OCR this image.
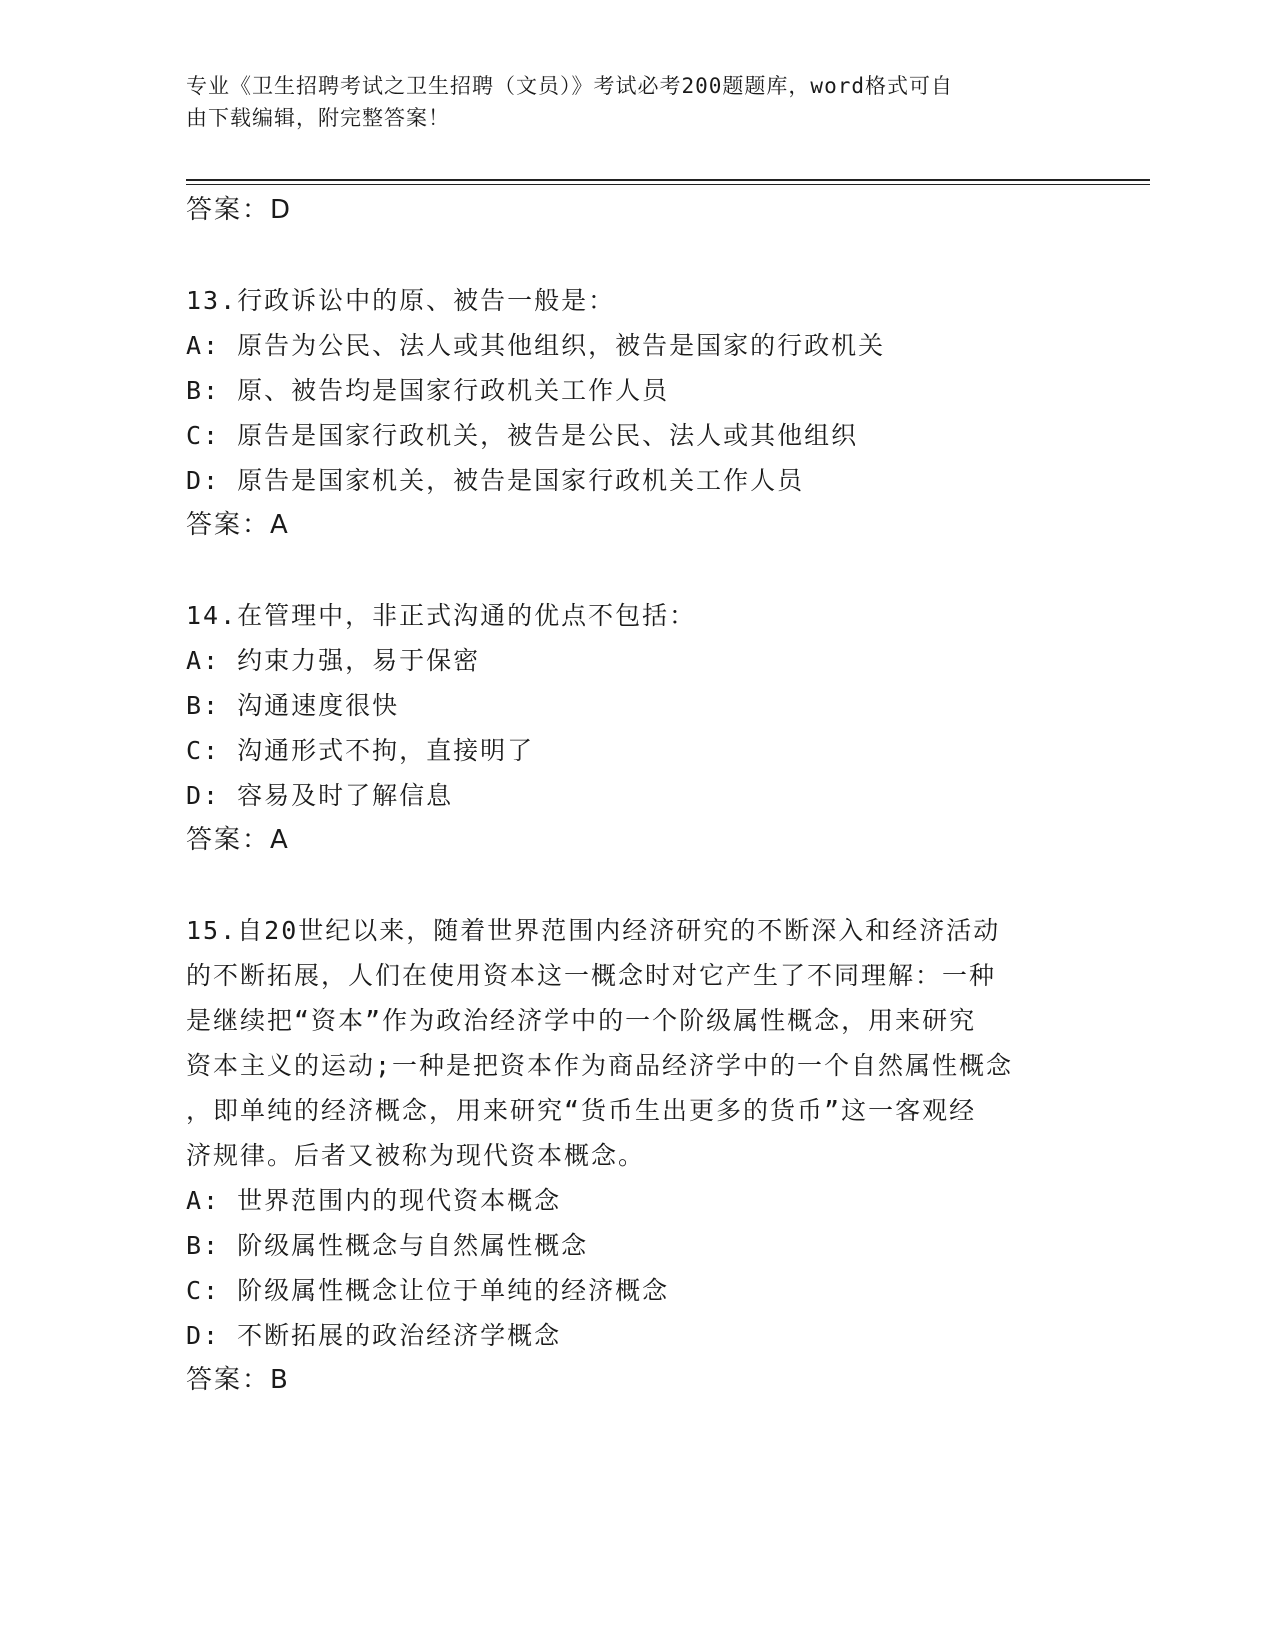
专业《卫生招聘考试之卫生招聘（文员）》考试必考200题题库，word格式可自
由下载编辑，附完整答案！
答案：D
13.行政诉讼中的原、被告一般是：
A: 原告为公民、法人或其他组织，被告是国家的行政机关
B: 原、被告均是国家行政机关工作人员
C: 原告是国家行政机关，被告是公民、法人或其他组织
D: 原告是国家机关，被告是国家行政机关工作人员
答案：A
14.在管理中，非正式沟通的优点不包括：
A: 约束力强，易于保密
B: 沟通速度很快
C: 沟通形式不拘，直接明了
D: 容易及时了解信息
答案：A
15.自20世纪以来，随着世界范围内经济研究的不断深入和经济活动
的不断拓展，人们在使用资本这一概念时对它产生了不同理解：一种
是继续把“资本”作为政治经济学中的一个阶级属性概念，用来研究
资本主义的运动;一种是把资本作为商品经济学中的一个自然属性概念
，即单纯的经济概念，用来研究“货币生出更多的货币”这一客观经
济规律。后者又被称为现代资本概念。
A: 世界范围内的现代资本概念
B: 阶级属性概念与自然属性概念
C: 阶级属性概念让位于单纯的经济概念
D: 不断拓展的政治经济学概念
答案：B
